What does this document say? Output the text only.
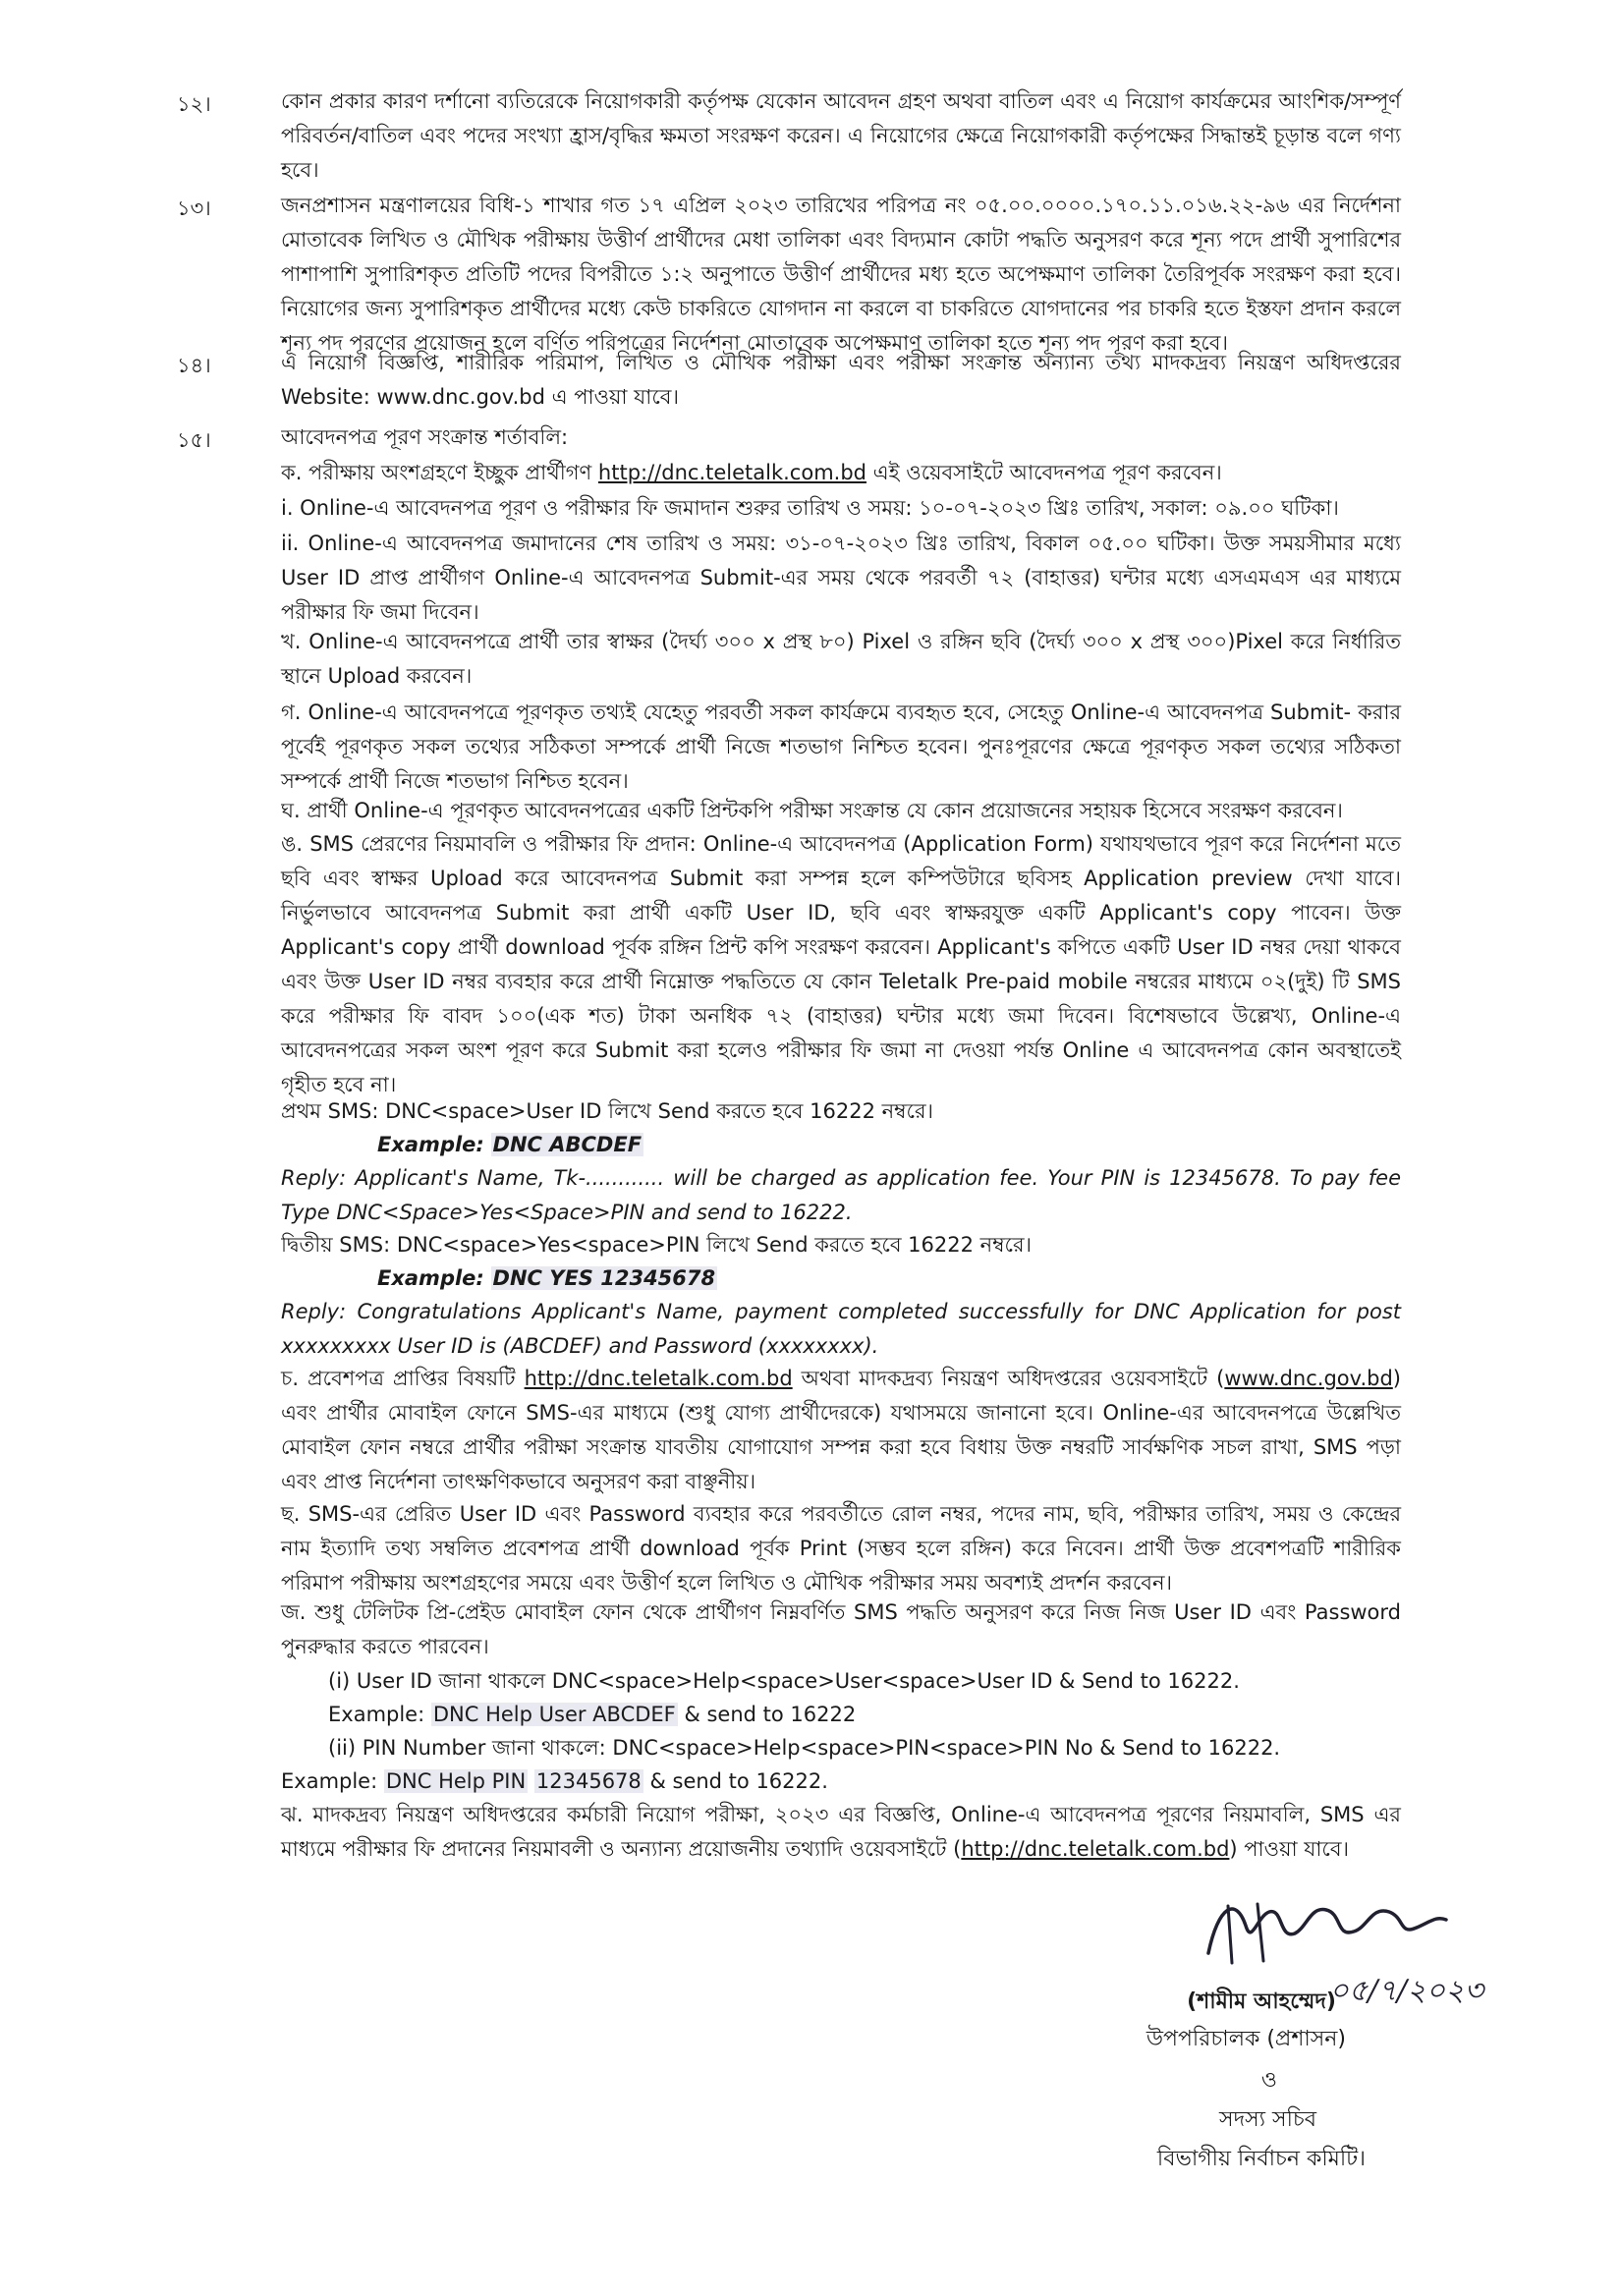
১২।	কোন প্রকার কারণ দর্শানো ব্যতিরেকে নিয়োগকারী কর্তৃপক্ষ যেকোন আবেদন গ্রহণ অথবা বাতিল এবং এ নিয়োগ কার্যক্রমের আংশিক/সম্পূর্ণ পরিবর্তন/বাতিল এবং পদের সংখ্যা হ্রাস/বৃদ্ধির ক্ষমতা সংরক্ষণ করেন। এ নিয়োগের ক্ষেত্রে নিয়োগকারী কর্তৃপক্ষের সিদ্ধান্তই চূড়ান্ত বলে গণ্য হবে।
১৩।	জনপ্রশাসন মন্ত্রণালয়ের বিধি-১ শাখার গত ১৭ এপ্রিল ২০২৩ তারিখের পরিপত্র নং ০৫.০০.০০০০.১৭০.১১.০১৬.২২-৯৬ এর নির্দেশনা মোতাবেক লিখিত ও মৌখিক পরীক্ষায় উত্তীর্ণ প্রার্থীদের মেধা তালিকা এবং বিদ্যমান কোটা পদ্ধতি অনুসরণ করে শূন্য পদে প্রার্থী সুপারিশের পাশাপাশি সুপারিশকৃত প্রতিটি পদের বিপরীতে ১:২ অনুপাতে উত্তীর্ণ প্রার্থীদের মধ্য হতে অপেক্ষমাণ তালিকা তৈরিপূর্বক সংরক্ষণ করা হবে। নিয়োগের জন্য সুপারিশকৃত প্রার্থীদের মধ্যে কেউ চাকরিতে যোগদান না করলে বা চাকরিতে যোগদানের পর চাকরি হতে ইস্তফা প্রদান করলে শূন্য পদ পূরণের প্রয়োজন হলে বর্ণিত পরিপত্রের নির্দেশনা মোতাবেক অপেক্ষমাণ তালিকা হতে শূন্য পদ পূরণ করা হবে।
১৪।	এ নিয়োগ বিজ্ঞপ্তি, শারীরিক পরিমাপ, লিখিত ও মৌখিক পরীক্ষা এবং পরীক্ষা সংক্রান্ত অন্যান্য তথ্য মাদকদ্রব্য নিয়ন্ত্রণ অধিদপ্তরের Website: www.dnc.gov.bd এ পাওয়া যাবে।
১৫।	আবেদনপত্র পূরণ সংক্রান্ত শর্তাবলি:
ক. পরীক্ষায় অংশগ্রহণে ইচ্ছুক প্রার্থীগণ http://dnc.teletalk.com.bd এই ওয়েবসাইটে আবেদনপত্র পূরণ করবেন।
i. Online-এ আবেদনপত্র পূরণ ও পরীক্ষার ফি জমাদান শুরুর তারিখ ও সময়: ১০-০৭-২০২৩ খ্রিঃ তারিখ, সকাল: ০৯.০০ ঘটিকা।
ii. Online-এ আবেদনপত্র জমাদানের শেষ তারিখ ও সময়: ৩১-০৭-২০২৩ খ্রিঃ তারিখ, বিকাল ০৫.০০ ঘটিকা। উক্ত সময়সীমার মধ্যে User ID প্রাপ্ত প্রার্থীগণ Online-এ আবেদনপত্র Submit-এর সময় থেকে পরবর্তী ৭২ (বাহাত্তর) ঘন্টার মধ্যে এসএমএস এর মাধ্যমে পরীক্ষার ফি জমা দিবেন।
খ. Online-এ আবেদনপত্রে প্রার্থী তার স্বাক্ষর (দৈর্ঘ্য ৩০০ x প্রস্থ ৮০) Pixel ও রঙ্গিন ছবি (দৈর্ঘ্য ৩০০ x প্রস্থ ৩০০)Pixel করে নির্ধারিত স্থানে Upload করবেন।
গ. Online-এ আবেদনপত্রে পূরণকৃত তথ্যই যেহেতু পরবর্তী সকল কার্যক্রমে ব্যবহৃত হবে, সেহেতু Online-এ আবেদনপত্র Submit- করার পূর্বেই পূরণকৃত সকল তথ্যের সঠিকতা সম্পর্কে প্রার্থী নিজে শতভাগ নিশ্চিত হবেন। পুনঃপূরণের ক্ষেত্রে পূরণকৃত সকল তথ্যের সঠিকতা সম্পর্কে প্রার্থী নিজে শতভাগ নিশ্চিত হবেন।
ঘ. প্রার্থী Online-এ পূরণকৃত আবেদনপত্রের একটি প্রিন্টকপি পরীক্ষা সংক্রান্ত যে কোন প্রয়োজনের সহায়ক হিসেবে সংরক্ষণ করবেন।
ঙ. SMS প্রেরণের নিয়মাবলি ও পরীক্ষার ফি প্রদান: Online-এ আবেদনপত্র (Application Form) যথাযথভাবে পূরণ করে নির্দেশনা মতে ছবি এবং স্বাক্ষর Upload করে আবেদনপত্র Submit করা সম্পন্ন হলে কম্পিউটারে ছবিসহ Application preview দেখা যাবে। নির্ভুলভাবে আবেদনপত্র Submit করা প্রার্থী একটি User ID, ছবি এবং স্বাক্ষরযুক্ত একটি Applicant's copy পাবেন। উক্ত Applicant's copy প্রার্থী download পূর্বক রঙ্গিন প্রিন্ট কপি সংরক্ষণ করবেন। Applicant's কপিতে একটি User ID নম্বর দেয়া থাকবে এবং উক্ত User ID নম্বর ব্যবহার করে প্রার্থী নিম্নোক্ত পদ্ধতিতে যে কোন Teletalk Pre-paid mobile নম্বরের মাধ্যমে ০২(দুই) টি SMS করে পরীক্ষার ফি বাবদ ১০০(এক শত) টাকা অনধিক ৭২ (বাহাত্তর) ঘন্টার মধ্যে জমা দিবেন। বিশেষভাবে উল্লেখ্য, Online-এ আবেদনপত্রের সকল অংশ পূরণ করে Submit করা হলেও পরীক্ষার ফি জমা না দেওয়া পর্যন্ত Online এ আবেদনপত্র কোন অবস্থাতেই গৃহীত হবে না।
প্রথম SMS: DNC<space>User ID লিখে Send করতে হবে 16222 নম্বরে।
Example: DNC ABCDEF
Reply: Applicant's Name, Tk-............ will be charged as application fee. Your PIN is 12345678. To pay fee Type DNC<Space>Yes<Space>PIN and send to 16222.
দ্বিতীয় SMS: DNC<space>Yes<space>PIN লিখে Send করতে হবে 16222 নম্বরে।
Example: DNC YES 12345678
Reply: Congratulations Applicant's Name, payment completed successfully for DNC Application for post xxxxxxxxx User ID is (ABCDEF) and Password (xxxxxxxx).
চ. প্রবেশপত্র প্রাপ্তির বিষয়টি http://dnc.teletalk.com.bd অথবা মাদকদ্রব্য নিয়ন্ত্রণ অধিদপ্তরের ওয়েবসাইটে (www.dnc.gov.bd) এবং প্রার্থীর মোবাইল ফোনে SMS-এর মাধ্যমে (শুধু যোগ্য প্রার্থীদেরকে) যথাসময়ে জানানো হবে। Online-এর আবেদনপত্রে উল্লেখিত মোবাইল ফোন নম্বরে প্রার্থীর পরীক্ষা সংক্রান্ত যাবতীয় যোগাযোগ সম্পন্ন করা হবে বিধায় উক্ত নম্বরটি সার্বক্ষণিক সচল রাখা, SMS পড়া এবং প্রাপ্ত নির্দেশনা তাৎক্ষণিকভাবে অনুসরণ করা বাঞ্ছনীয়।
ছ. SMS-এর প্রেরিত User ID এবং Password ব্যবহার করে পরবর্তীতে রোল নম্বর, পদের নাম, ছবি, পরীক্ষার তারিখ, সময় ও কেন্দ্রের নাম ইত্যাদি তথ্য সম্বলিত প্রবেশপত্র প্রার্থী download পূর্বক Print (সম্ভব হলে রঙ্গিন) করে নিবেন। প্রার্থী উক্ত প্রবেশপত্রটি শারীরিক পরিমাপ পরীক্ষায় অংশগ্রহণের সময়ে এবং উত্তীর্ণ হলে লিখিত ও মৌখিক পরীক্ষার সময় অবশ্যই প্রদর্শন করবেন।
জ. শুধু টেলিটক প্রি-প্রেইড মোবাইল ফোন থেকে প্রার্থীগণ নিম্নবর্ণিত SMS পদ্ধতি অনুসরণ করে নিজ নিজ User ID এবং Password পুনরুদ্ধার করতে পারবেন।
(i) User ID জানা থাকলে DNC<space>Help<space>User<space>User ID & Send to 16222.
Example: DNC Help User ABCDEF & send to 16222
(ii) PIN Number জানা থাকলে: DNC<space>Help<space>PIN<space>PIN No & Send to 16222.
Example: DNC Help PIN 12345678 & send to 16222.
ঝ. মাদকদ্রব্য নিয়ন্ত্রণ অধিদপ্তরের কর্মচারী নিয়োগ পরীক্ষা, ২০২৩ এর বিজ্ঞপ্তি, Online-এ আবেদনপত্র পূরণের নিয়মাবলি, SMS এর মাধ্যমে পরীক্ষার ফি প্রদানের নিয়মাবলী ও অন্যান্য প্রয়োজনীয় তথ্যাদি ওয়েবসাইটে (http://dnc.teletalk.com.bd) পাওয়া যাবে।
(শামীম আহম্মেদ)
০৫/৭/২০২৩
উপপরিচালক (প্রশাসন)
ও
সদস্য সচিব
বিভাগীয় নির্বাচন কমিটি।
